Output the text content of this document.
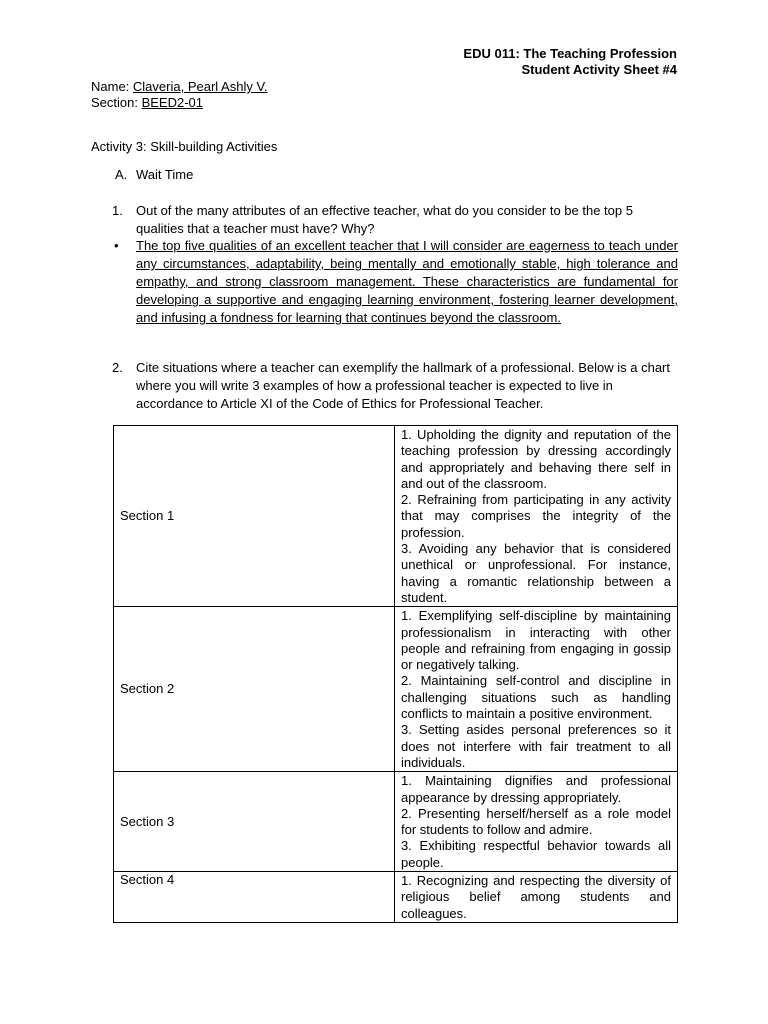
EDU 011: The Teaching Profession
Student Activity Sheet #4
Name: Claveria, Pearl Ashly V.
Section: BEED2-01
Activity 3: Skill-building Activities
A. Wait Time
1. Out of the many attributes of an effective teacher, what do you consider to be the top 5 qualities that a teacher must have? Why?
• The top five qualities of an excellent teacher that I will consider are eagerness to teach under any circumstances, adaptability, being mentally and emotionally stable, high tolerance and empathy, and strong classroom management. These characteristics are fundamental for developing a supportive and engaging learning environment, fostering learner development, and infusing a fondness for learning that continues beyond the classroom.
2. Cite situations where a teacher can exemplify the hallmark of a professional. Below is a chart where you will write 3 examples of how a professional teacher is expected to live in accordance to Article XI of the Code of Ethics for Professional Teacher.
Section 1	1. Upholding the dignity and reputation of the teaching profession by dressing accordingly and appropriately and behaving there self in and out of the classroom.
2. Refraining from participating in any activity that may comprises the integrity of the profession.
3. Avoiding any behavior that is considered unethical or unprofessional. For instance, having a romantic relationship between a student.

Section 2	1. Exemplifying self-discipline by maintaining professionalism in interacting with other people and refraining from engaging in gossip or negatively talking.
2. Maintaining self-control and discipline in challenging situations such as handling conflicts to maintain a positive environment.
3. Setting asides personal preferences so it does not interfere with fair treatment to all individuals.

Section 3	1. Maintaining dignifies and professional appearance by dressing appropriately.
2. Presenting herself/herself as a role model for students to follow and admire.
3. Exhibiting respectful behavior towards all people.

Section 4	1. Recognizing and respecting the diversity of religious belief among students and colleagues.
